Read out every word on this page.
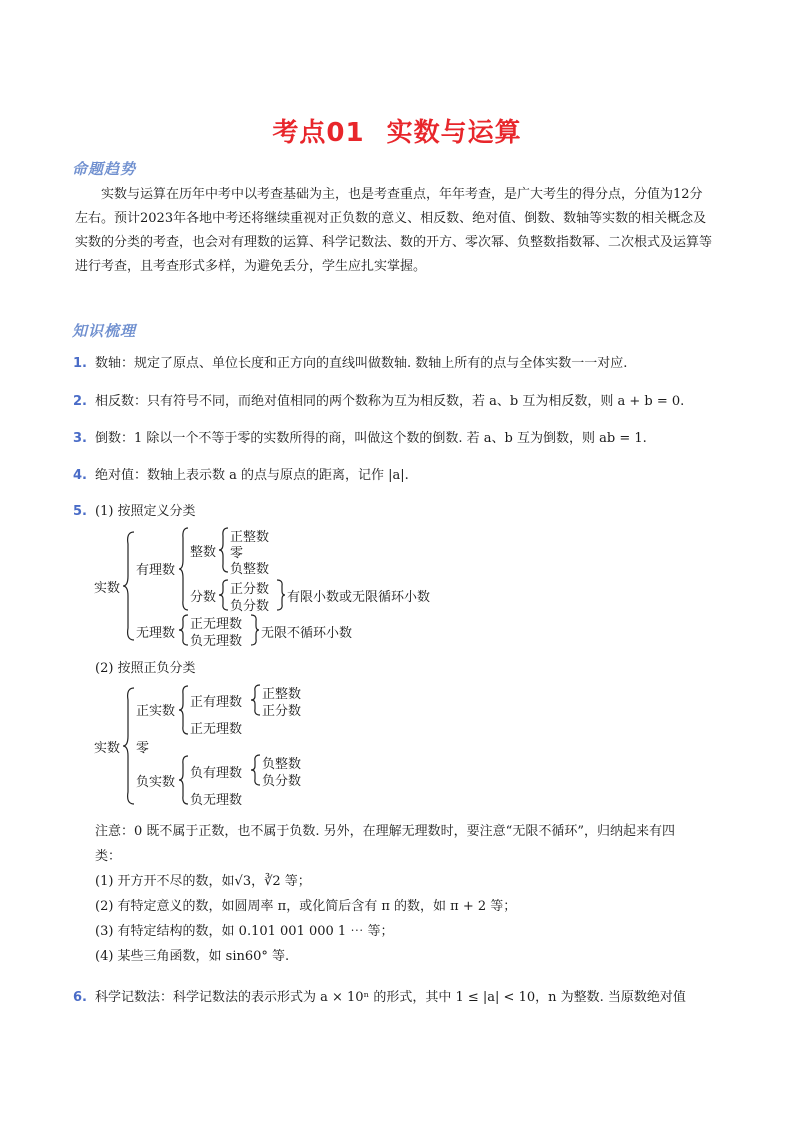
考点01 实数与运算
命题趋势
实数与运算在历年中考中以考查基础为主，也是考查重点，年年考查，是广大考生的得分点，分值为12分
左右。预计2023年各地中考还将继续重视对正负数的意义、相反数、绝对值、倒数、数轴等实数的相关概念及
实数的分类的考查，也会对有理数的运算、科学记数法、数的开方、零次幂、负整数指数幂、二次根式及运算等
进行考查，且考查形式多样，为避免丢分，学生应扎实掌握。
知识梳理
1. 数轴：规定了原点、单位长度和正方向的直线叫做数轴. 数轴上所有的点与全体实数一一对应.
2. 相反数：只有符号不同，而绝对值相同的两个数称为互为相反数，若 a、b 互为相反数，则 a + b = 0.
3. 倒数：1 除以一个不等于零的实数所得的商，叫做这个数的倒数. 若 a、b 互为倒数，则 ab = 1.
4. 绝对值：数轴上表示数 a 的点与原点的距离，记作 |a|.
5. (1) 按照定义分类
实数
有理数
整数
正整数
零
负整数
分数
正分数
负分数
有限小数或无限循环小数
无理数
正无理数
负无理数
无限不循环小数
(2) 按照正负分类
实数
正实数
正有理数
正整数
正分数
正无理数
零
负实数
负有理数
负整数
负分数
负无理数
注意：0 既不属于正数，也不属于负数. 另外，在理解无理数时，要注意“无限不循环”，归纳起来有四
类：
(1) 开方开不尽的数，如√3，∛2 等；
(2) 有特定意义的数，如圆周率 π，或化简后含有 π 的数，如 π + 2 等；
(3) 有特定结构的数，如 0.101 001 000 1 ⋯ 等；
(4) 某些三角函数，如 sin60° 等.
6. 科学记数法：科学记数法的表示形式为 a × 10ⁿ 的形式，其中 1 ≤ |a| < 10，n 为整数. 当原数绝对值
